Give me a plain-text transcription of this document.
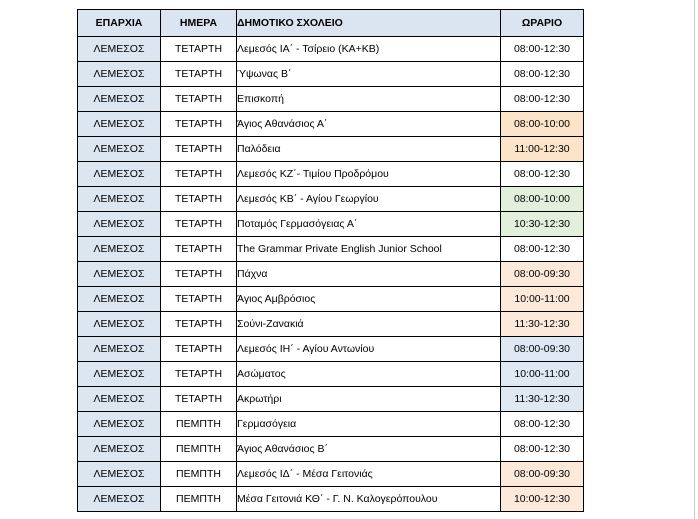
ΕΠΑΡΧΙΑ	ΗΜΕΡΑ	ΔΗΜΟΤΙΚΟ ΣΧΟΛΕΙΟ	ΩΡΑΡΙΟ
ΛΕΜΕΣΟΣ	ΤΕΤΑΡΤΗ	Λεμεσός ΙΑ΄ - Τσίρειο (ΚΑ+ΚΒ)	08:00-12:30
ΛΕΜΕΣΟΣ	ΤΕΤΑΡΤΗ	Ύψωνας Β΄	08:00-12:30
ΛΕΜΕΣΟΣ	ΤΕΤΑΡΤΗ	Επισκοπή	08:00-12:30
ΛΕΜΕΣΟΣ	ΤΕΤΑΡΤΗ	Άγιος Αθανάσιος Α΄	08:00-10:00
ΛΕΜΕΣΟΣ	ΤΕΤΑΡΤΗ	Παλόδεια	11:00-12:30
ΛΕΜΕΣΟΣ	ΤΕΤΑΡΤΗ	Λεμεσός ΚΖ΄- Τιμίου Προδρόμου	08:00-12:30
ΛΕΜΕΣΟΣ	ΤΕΤΑΡΤΗ	Λεμεσός ΚΒ΄ - Αγίου Γεωργίου	08:00-10:00
ΛΕΜΕΣΟΣ	ΤΕΤΑΡΤΗ	Ποταμός Γερμασόγειας Α΄	10:30-12:30
ΛΕΜΕΣΟΣ	ΤΕΤΑΡΤΗ	The Grammar Private English Junior School	08:00-12:30
ΛΕΜΕΣΟΣ	ΤΕΤΑΡΤΗ	Πάχνα	08:00-09:30
ΛΕΜΕΣΟΣ	ΤΕΤΑΡΤΗ	Άγιος Αμβρόσιος	10:00-11:00
ΛΕΜΕΣΟΣ	ΤΕΤΑΡΤΗ	Σούνι-Ζανακιά	11:30-12:30
ΛΕΜΕΣΟΣ	ΤΕΤΑΡΤΗ	Λεμεσός ΙΗ΄ - Αγίου Αντωνίου	08:00-09:30
ΛΕΜΕΣΟΣ	ΤΕΤΑΡΤΗ	Ασώματος	10:00-11:00
ΛΕΜΕΣΟΣ	ΤΕΤΑΡΤΗ	Ακρωτήρι	11:30-12:30
ΛΕΜΕΣΟΣ	ΠΕΜΠΤΗ	Γερμασόγεια	08:00-12:30
ΛΕΜΕΣΟΣ	ΠΕΜΠΤΗ	Άγιος Αθανάσιος Β΄	08:00-12:30
ΛΕΜΕΣΟΣ	ΠΕΜΠΤΗ	Λεμεσός ΙΔ΄ - Μέσα Γειτονιάς	08:00-09:30
ΛΕΜΕΣΟΣ	ΠΕΜΠΤΗ	Μέσα Γειτονιά ΚΘ΄ - Γ. Ν. Καλογερόπουλου	10:00-12:30
